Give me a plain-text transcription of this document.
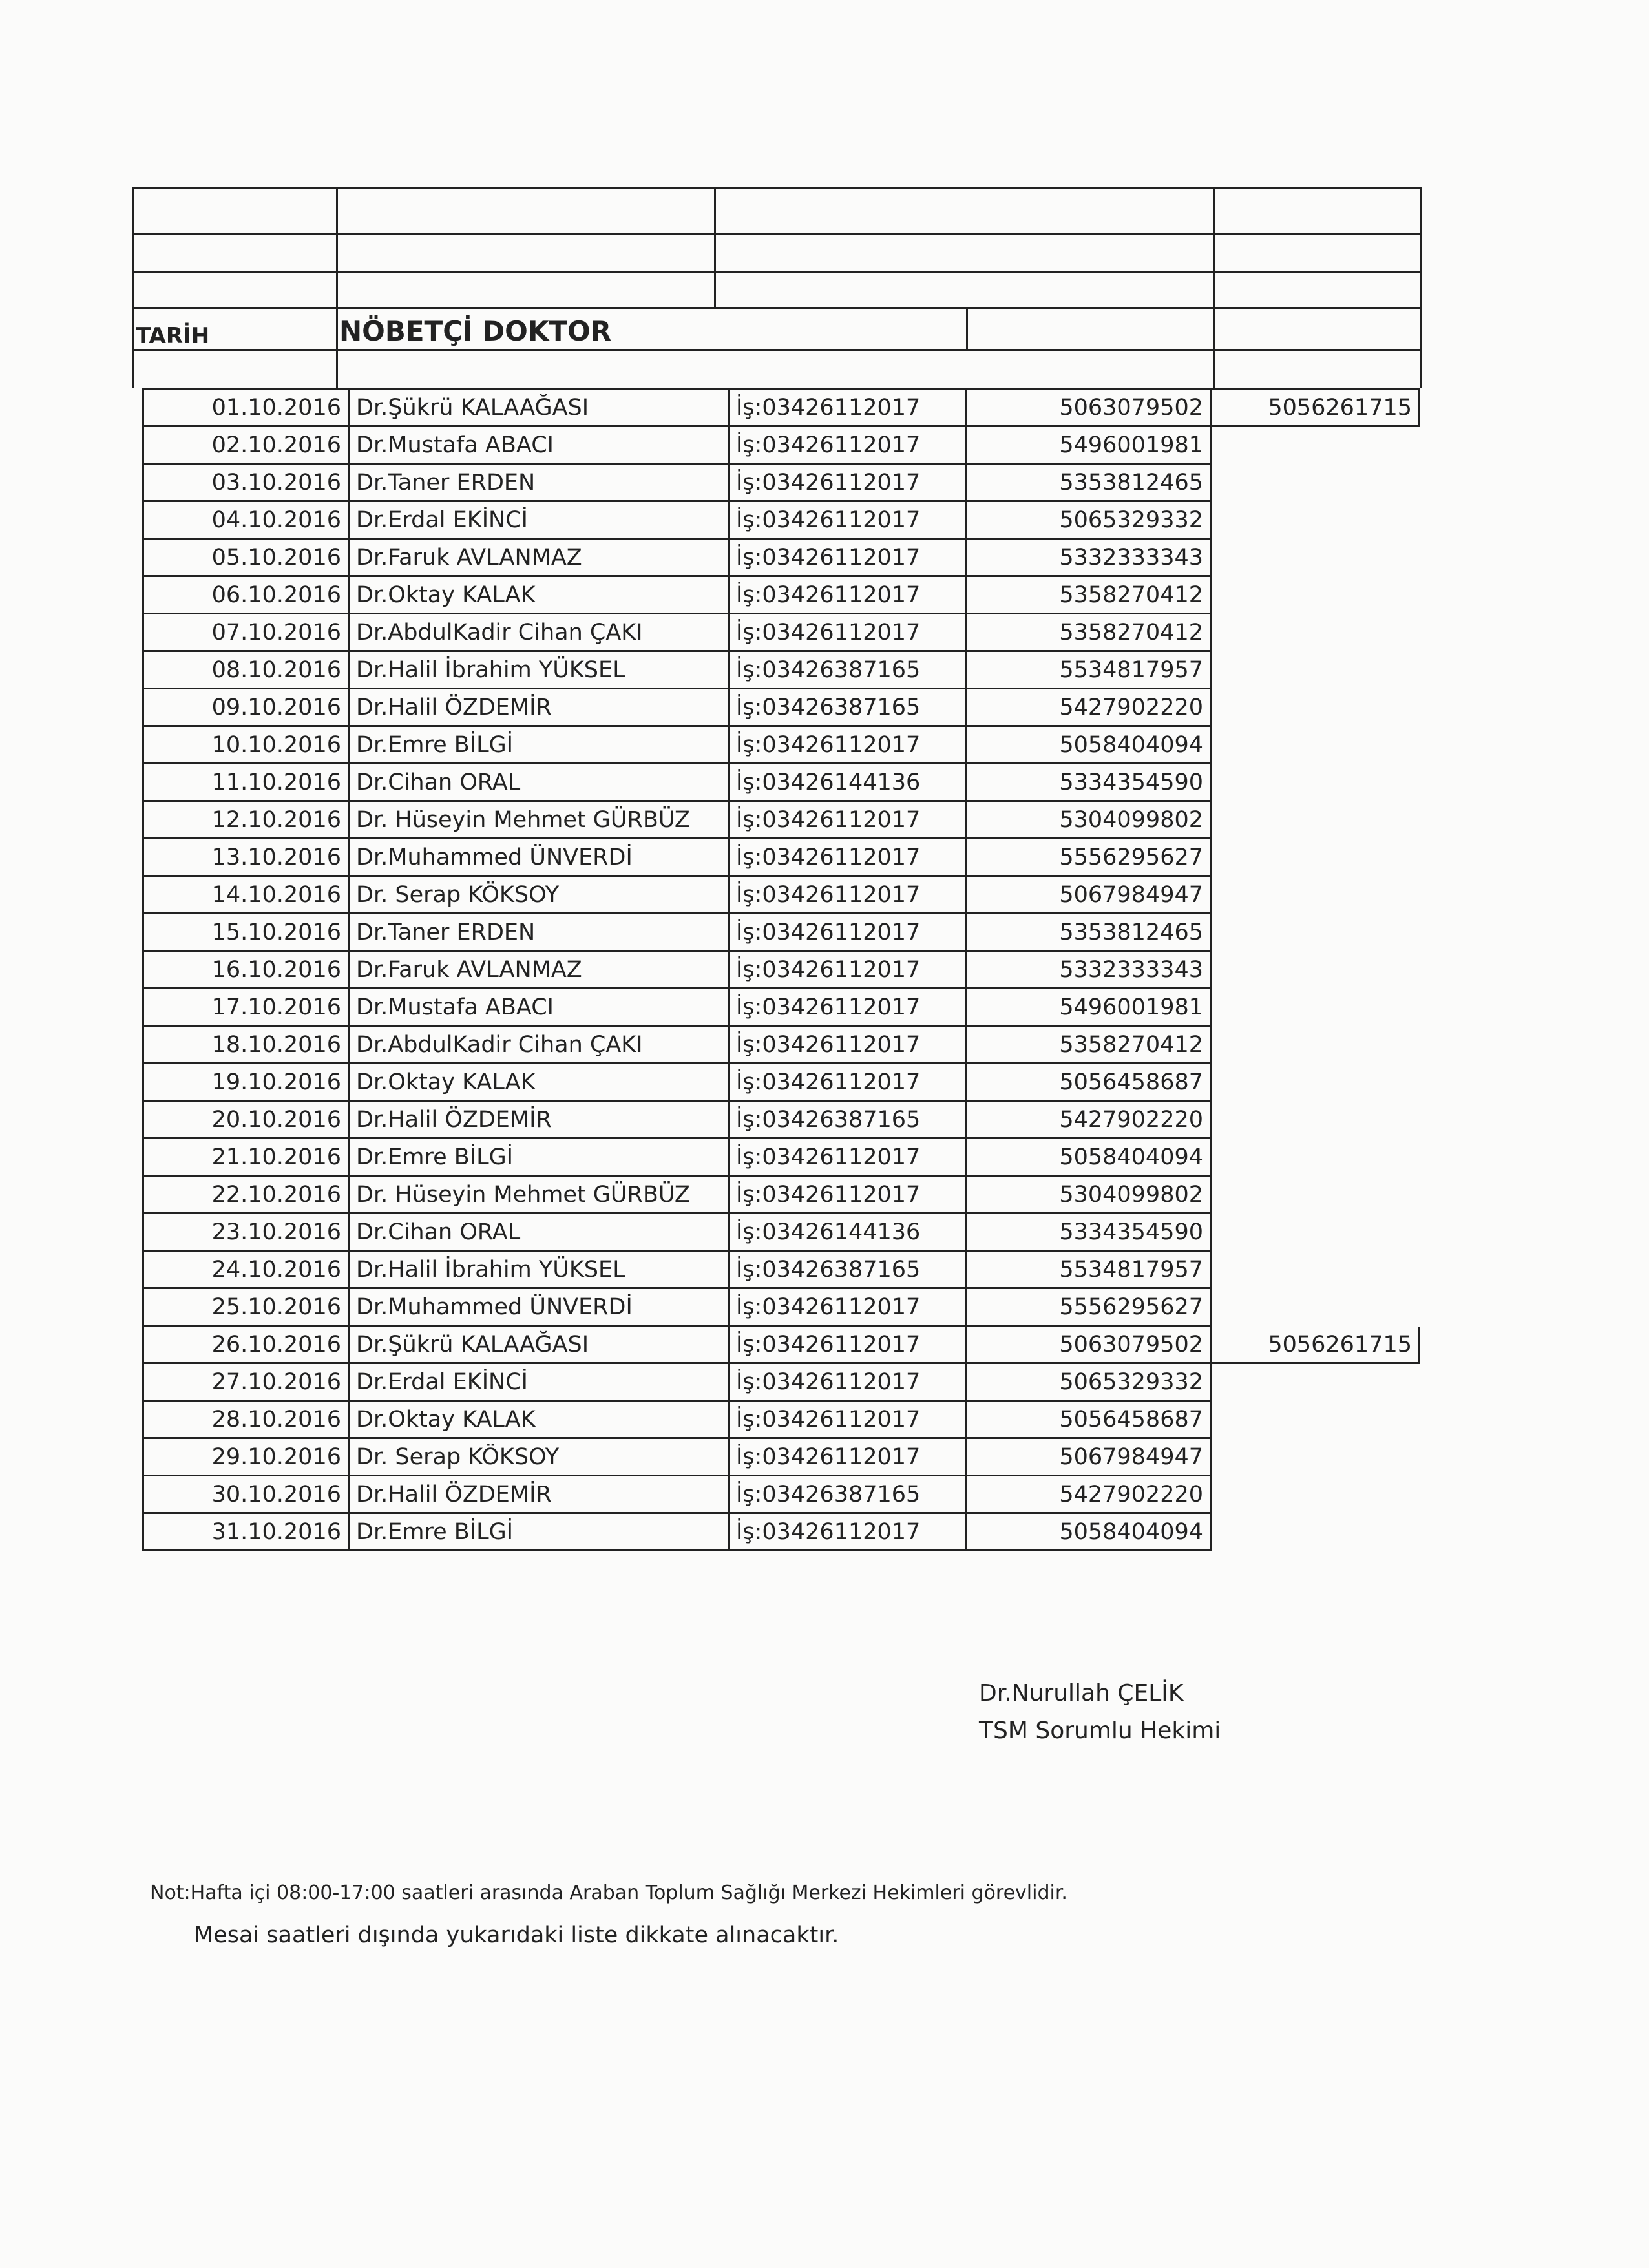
TARİH	NÖBETÇİ DOKTOR
01.10.2016	Dr.Şükrü KALAAĞASI	İş:03426112017	5063079502	5056261715
02.10.2016	Dr.Mustafa ABACI	İş:03426112017	5496001981	
03.10.2016	Dr.Taner ERDEN	İş:03426112017	5353812465	
04.10.2016	Dr.Erdal EKİNCİ	İş:03426112017	5065329332	
05.10.2016	Dr.Faruk AVLANMAZ	İş:03426112017	5332333343	
06.10.2016	Dr.Oktay KALAK	İş:03426112017	5358270412	
07.10.2016	Dr.AbdulKadir Cihan ÇAKI	İş:03426112017	5358270412	
08.10.2016	Dr.Halil İbrahim YÜKSEL	İş:03426387165	5534817957	
09.10.2016	Dr.Halil ÖZDEMİR	İş:03426387165	5427902220	
10.10.2016	Dr.Emre BİLGİ	İş:03426112017	5058404094	
11.10.2016	Dr.Cihan ORAL	İş:03426144136	5334354590	
12.10.2016	Dr. Hüseyin Mehmet GÜRBÜZ	İş:03426112017	5304099802	
13.10.2016	Dr.Muhammed ÜNVERDİ	İş:03426112017	5556295627	
14.10.2016	Dr. Serap KÖKSOY	İş:03426112017	5067984947	
15.10.2016	Dr.Taner ERDEN	İş:03426112017	5353812465	
16.10.2016	Dr.Faruk AVLANMAZ	İş:03426112017	5332333343	
17.10.2016	Dr.Mustafa ABACI	İş:03426112017	5496001981	
18.10.2016	Dr.AbdulKadir Cihan ÇAKI	İş:03426112017	5358270412	
19.10.2016	Dr.Oktay KALAK	İş:03426112017	5056458687	
20.10.2016	Dr.Halil ÖZDEMİR	İş:03426387165	5427902220	
21.10.2016	Dr.Emre BİLGİ	İş:03426112017	5058404094	
22.10.2016	Dr. Hüseyin Mehmet GÜRBÜZ	İş:03426112017	5304099802	
23.10.2016	Dr.Cihan ORAL	İş:03426144136	5334354590	
24.10.2016	Dr.Halil İbrahim YÜKSEL	İş:03426387165	5534817957	
25.10.2016	Dr.Muhammed ÜNVERDİ	İş:03426112017	5556295627	
26.10.2016	Dr.Şükrü KALAAĞASI	İş:03426112017	5063079502	5056261715
27.10.2016	Dr.Erdal EKİNCİ	İş:03426112017	5065329332	
28.10.2016	Dr.Oktay KALAK	İş:03426112017	5056458687	
29.10.2016	Dr. Serap KÖKSOY	İş:03426112017	5067984947	
30.10.2016	Dr.Halil ÖZDEMİR	İş:03426387165	5427902220	
31.10.2016	Dr.Emre BİLGİ	İş:03426112017	5058404094	
Dr.Nurullah ÇELİK
TSM Sorumlu Hekimi
Not:Hafta içi 08:00-17:00 saatleri arasında Araban Toplum Sağlığı Merkezi Hekimleri görevlidir.
Mesai saatleri dışında yukarıdaki liste dikkate alınacaktır.
